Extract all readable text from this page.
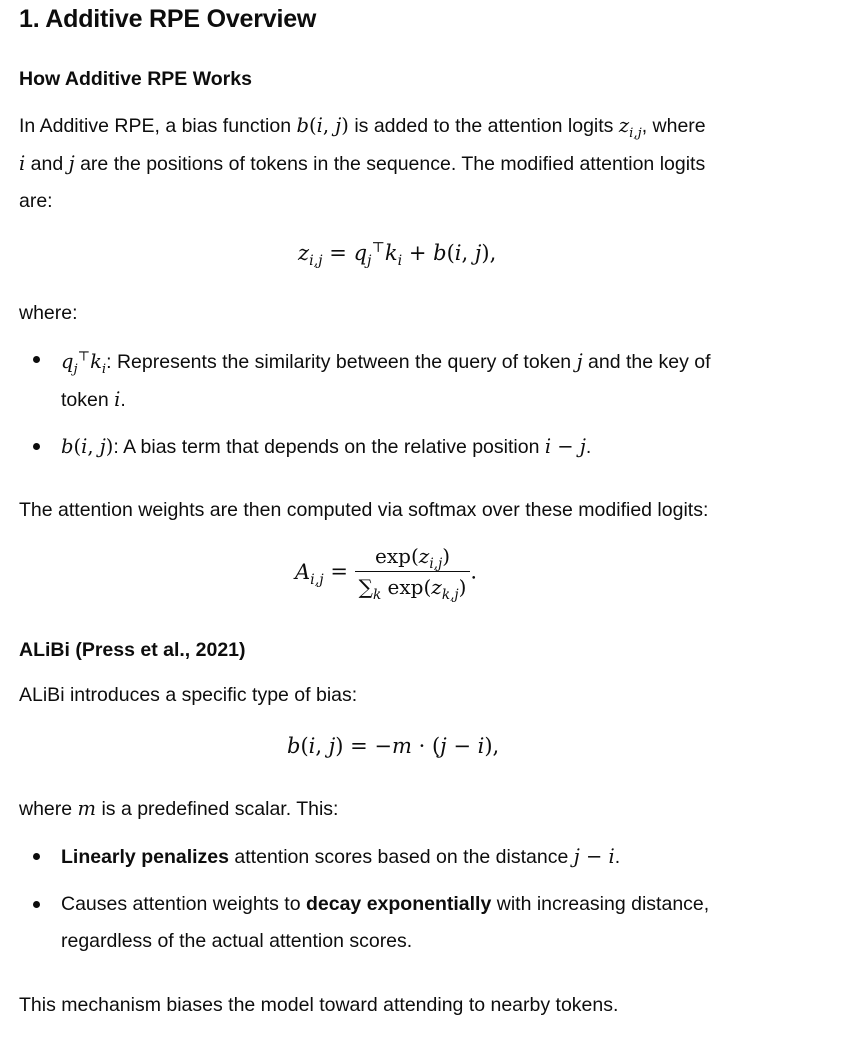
1. Additive RPE Overview
How Additive RPE Works
In Additive RPE, a bias function b(i, j) is added to the attention logits $z_{i,j}$, where
i and j are the positions of tokens in the sequence. The modified attention logits
are:
$z_{i,j} = q_j^⊤k_i + b(i$, j),
where:
$q_j^⊤k_i$: Represents the similarity between the query of token j and the key of
token i.
b(i, j): A bias term that depends on the relative position i − j.
The attention weights are then computed via softmax over these modified logits:
$A_{i,j} = \frac{\exp(z_{i,j})}{\sum_k \exp(z_{k,j})}$ .
ALiBi (Press et al., 2021)
ALiBi introduces a specific type of bias:
b(i, j) = −m · (j − i),
where m is a predefined scalar. This:
Linearly penalizes attention scores based on the distance j − i.
Causes attention weights to decay exponentially with increasing distance,
regardless of the actual attention scores.
This mechanism biases the model toward attending to nearby tokens.
